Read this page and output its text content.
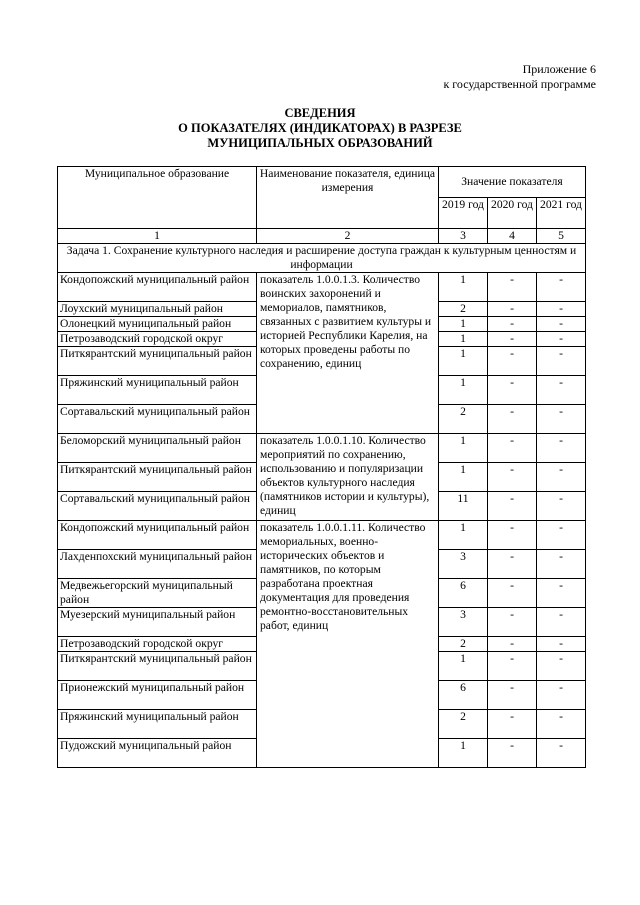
Приложение 6
к государственной программе
СВЕДЕНИЯ
О ПОКАЗАТЕЛЯХ (ИНДИКАТОРАХ) В РАЗРЕЗЕ
МУНИЦИПАЛЬНЫХ ОБРАЗОВАНИЙ
Муниципальное образование	Наименование показателя, единица измерения	Значение показателя		
		2019 год	2020 год	2021 год
1	2	3	4	5
Задача 1. Сохранение культурного наследия и расширение доступа граждан к культурным ценностям и информации				
Кондопожский муниципальный район	показатель 1.0.0.1.3. Количество воинских захоронений и мемориалов, памятников, связанных с развитием культуры и историей Республики Карелия, на которых проведены работы по сохранению, единиц	1	-	-
Лоухский муниципальный район		2	-	-
Олонецкий муниципальный район		1	-	-
Петрозаводский городской округ		1	-	-
Питкярантский муниципальный район		1	-	-
Пряжинский муниципальный район		1	-	-
Сортавальский муниципальный район		2	-	-
Беломорский муниципальный район	показатель 1.0.0.1.10. Количество мероприятий по сохранению, использованию и популяризации объектов культурного наследия (памятников истории и культуры), единиц	1	-	-
Питкярантский муниципальный район		1	-	-
Сортавальский муниципальный район		11	-	-
Кондопожский муниципальный район	показатель 1.0.0.1.11. Количество мемориальных, военно-исторических объектов и памятников, по которым разработана проектная документация для проведения ремонтно-восстановительных работ, единиц	1	-	-
Лахденпохский муниципальный район		3	-	-
Медвежьегорский муниципальный район		6	-	-
Муезерский муниципальный район		3	-	-
Петрозаводский городской округ		2	-	-
Питкярантский муниципальный район		1	-	-
Прионежский муниципальный район		6	-	-
Пряжинский муниципальный район		2	-	-
Пудожский муниципальный район		1	-	-
